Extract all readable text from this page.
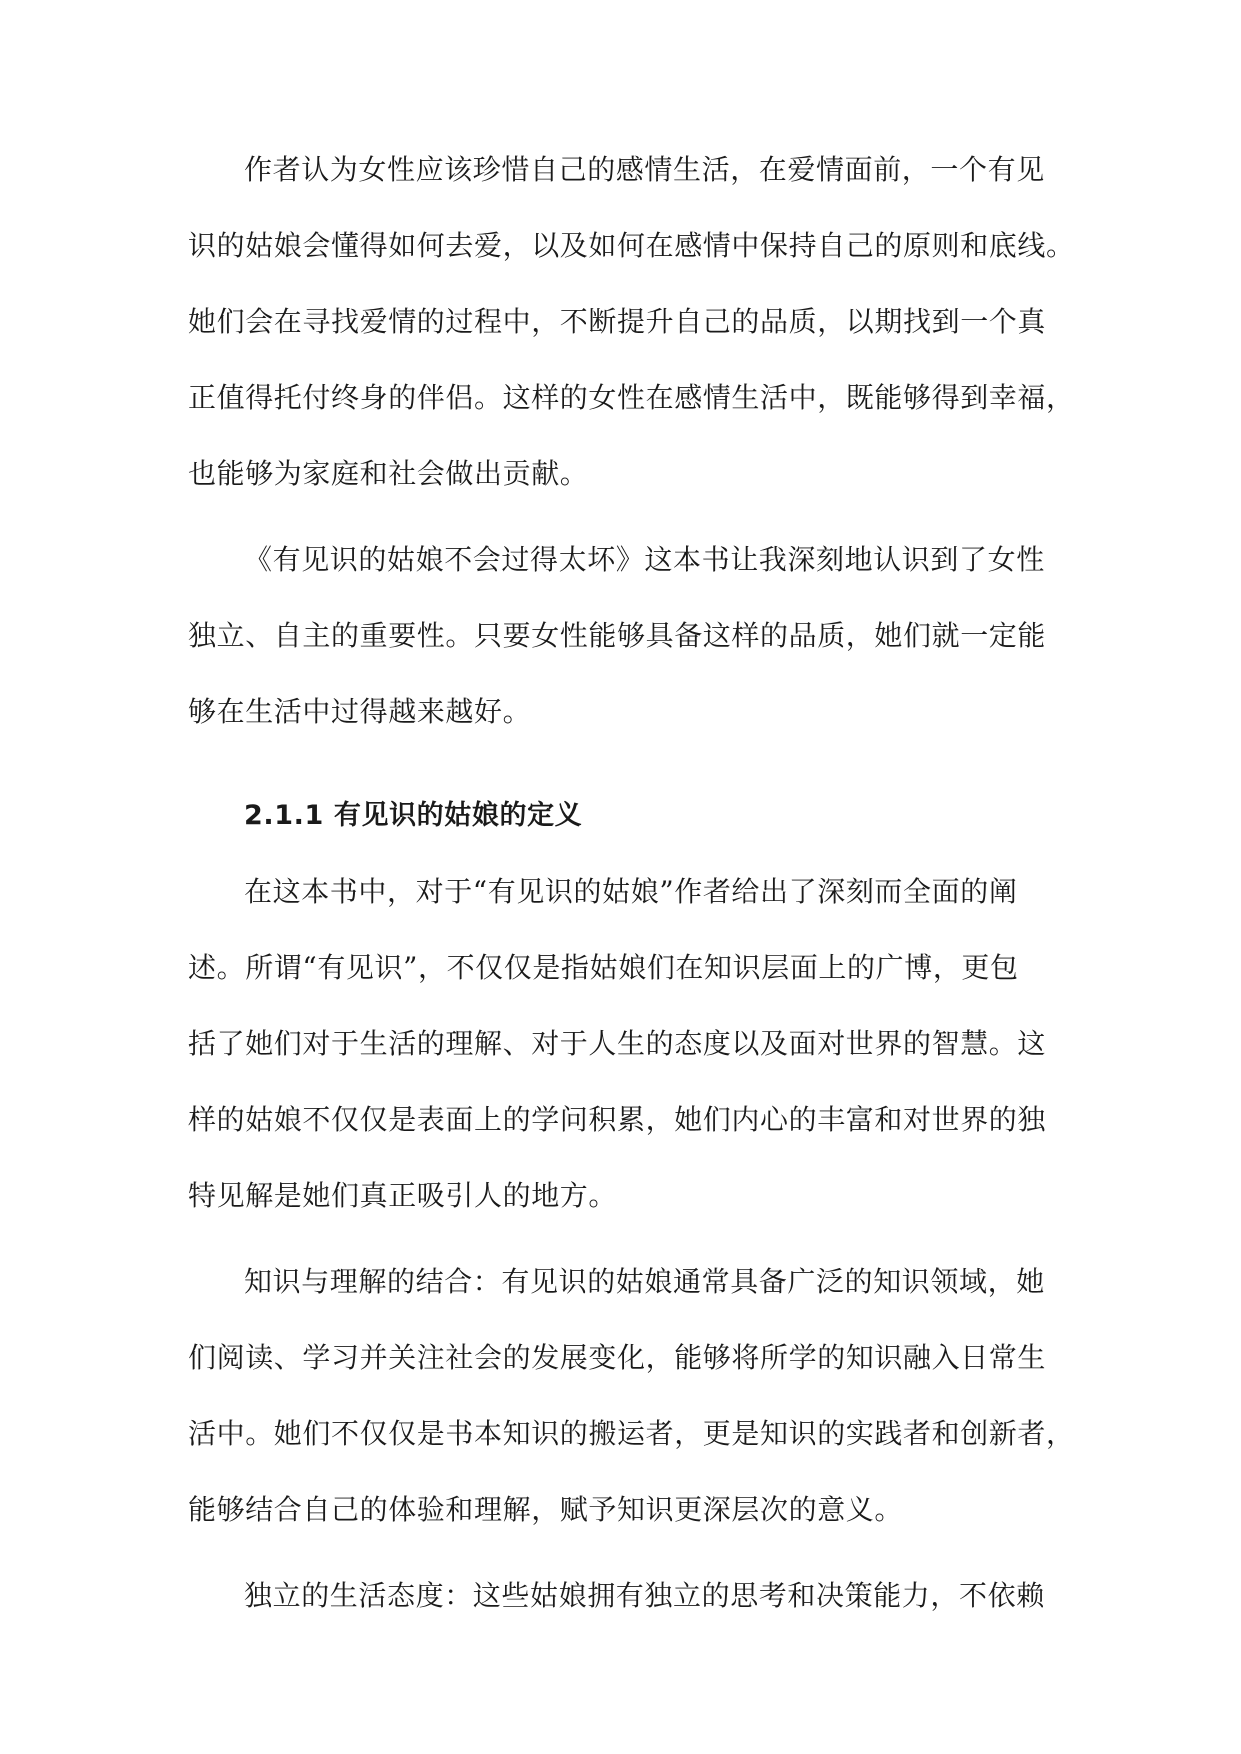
作者认为女性应该珍惜自己的感情生活，在爱情面前，一个有见
识的姑娘会懂得如何去爱，以及如何在感情中保持自己的原则和底线。
她们会在寻找爱情的过程中，不断提升自己的品质，以期找到一个真
正值得托付终身的伴侣。这样的女性在感情生活中，既能够得到幸福，
也能够为家庭和社会做出贡献。
《有见识的姑娘不会过得太坏》这本书让我深刻地认识到了女性
独立、自主的重要性。只要女性能够具备这样的品质，她们就一定能
够在生活中过得越来越好。
2.1.1 有见识的姑娘的定义
在这本书中，对于“有见识的姑娘”作者给出了深刻而全面的阐
述。所谓“有见识”，不仅仅是指姑娘们在知识层面上的广博，更包
括了她们对于生活的理解、对于人生的态度以及面对世界的智慧。这
样的姑娘不仅仅是表面上的学问积累，她们内心的丰富和对世界的独
特见解是她们真正吸引人的地方。
知识与理解的结合：有见识的姑娘通常具备广泛的知识领域，她
们阅读、学习并关注社会的发展变化，能够将所学的知识融入日常生
活中。她们不仅仅是书本知识的搬运者，更是知识的实践者和创新者，
能够结合自己的体验和理解，赋予知识更深层次的意义。
独立的生活态度：这些姑娘拥有独立的思考和决策能力，不依赖
